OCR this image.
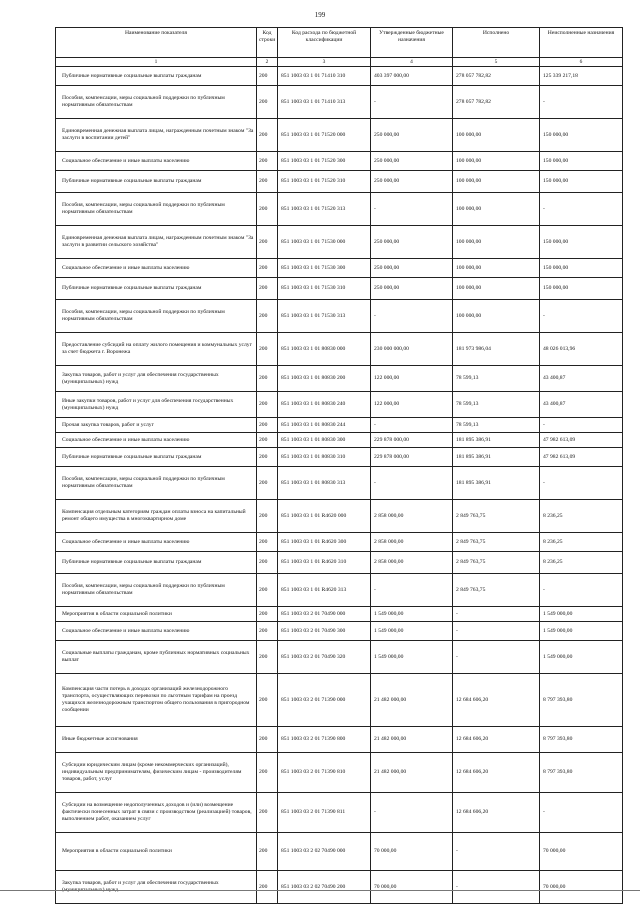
199
Наименование показателя	Код строки	Код расхода по бюджетной классификации	Утвержденные бюджетные назначения	Исполнено	Неисполненные назначения
1	2	3	4	5	6
Публичные нормативные социальные выплаты гражданам	200	851 1003 03 1 01 71410 310	403 397 000,00	278 057 782,82	125 339 217,18
Пособия, компенсации, меры социальной поддержки по публичным нормативным обязательствам	200	851 1003 03 1 01 71410 313	-	278 057 782,82	-
Единовременная денежная выплата лицам, награжденным почетным знаком "За заслуги в воспитании детей"	200	851 1003 03 1 01 71520 000	250 000,00	100 000,00	150 000,00
Социальное обеспечение и иные выплаты населению	200	851 1003 03 1 01 71520 300	250 000,00	100 000,00	150 000,00
Публичные нормативные социальные выплаты гражданам	200	851 1003 03 1 01 71520 310	250 000,00	100 000,00	150 000,00
Пособия, компенсации, меры социальной поддержки по публичным нормативным обязательствам	200	851 1003 03 1 01 71520 313	-	100 000,00	-
Единовременная денежная выплата лицам, награжденным почетным знаком "За заслуги в развитии сельского хозяйства"	200	851 1003 03 1 01 71530 000	250 000,00	100 000,00	150 000,00
Социальное обеспечение и иные выплаты населению	200	851 1003 03 1 01 71530 300	250 000,00	100 000,00	150 000,00
Публичные нормативные социальные выплаты гражданам	200	851 1003 03 1 01 71530 310	250 000,00	100 000,00	150 000,00
Пособия, компенсации, меры социальной поддержки по публичным нормативным обязательствам	200	851 1003 03 1 01 71530 313	-	100 000,00	-
Предоставление субсидий на оплату жилого помещения и коммунальных услуг за счет бюджета г. Воронежа	200	851 1003 03 1 01 80830 000	230 000 000,00	181 973 986,04	48 026 013,96
Закупка товаров, работ и услуг для обеспечения государственных (муниципальных) нужд	200	851 1003 03 1 01 80830 200	122 000,00	78 599,13	43 400,87
Иные закупки товаров, работ и услуг для обеспечения государственных (муниципальных) нужд	200	851 1003 03 1 01 80830 240	122 000,00	78 599,13	43 400,87
Прочая закупка товаров, работ и услуг	200	851 1003 03 1 01 80830 244	-	78 599,13	-
Социальное обеспечение и иные выплаты населению	200	851 1003 03 1 01 80830 300	229 878 000,00	181 895 386,91	47 982 613,09
Публичные нормативные социальные выплаты гражданам	200	851 1003 03 1 01 80830 310	229 878 000,00	181 895 386,91	47 982 613,09
Пособия, компенсации, меры социальной поддержки по публичным нормативным обязательствам	200	851 1003 03 1 01 80830 313	-	181 895 386,91	-
Компенсация отдельным категориям граждан оплаты взноса на капитальный ремонт общего имущества в многоквартирном доме	200	851 1003 03 1 01 R4620 000	2 858 000,00	2 849 763,75	8 236,25
Социальное обеспечение и иные выплаты населению	200	851 1003 03 1 01 R4620 300	2 858 000,00	2 849 763,75	8 236,25
Публичные нормативные социальные выплаты гражданам	200	851 1003 03 1 01 R4620 310	2 858 000,00	2 849 763,75	8 236,25
Пособия, компенсации, меры социальной поддержки по публичным нормативным обязательствам	200	851 1003 03 1 01 R4620 313	-	2 849 763,75	-
Мероприятия в области социальной политики	200	851 1003 03 2 01 70490 000	1 549 000,00	-	1 549 000,00
Социальное обеспечение и иные выплаты населению	200	851 1003 03 2 01 70490 300	1 549 000,00	-	1 549 000,00
Социальные выплаты гражданам, кроме публичных нормативных социальных выплат	200	851 1003 03 2 01 70490 320	1 549 000,00	-	1 549 000,00
Компенсация части потерь в доходах организаций железнодорожного транспорта, осуществляющих перевозки по льготным тарифам на проезд учащихся железнодорожным транспортом общего пользования в пригородном сообщении	200	851 1003 03 2 01 71390 000	21 482 000,00	12 684 606,20	8 797 393,80
Иные бюджетные ассигнования	200	851 1003 03 2 01 71390 800	21 482 000,00	12 684 606,20	8 797 393,80
Субсидии юридическим лицам (кроме некоммерческих организаций), индивидуальным предпринимателям, физическим лицам - производителям товаров, работ, услуг	200	851 1003 03 2 01 71390 810	21 482 000,00	12 684 606,20	8 797 393,80
Субсидии на возмещение недополученных доходов и (или) возмещение фактически понесенных затрат в связи с производством (реализацией) товаров, выполнением работ, оказанием услуг	200	851 1003 03 2 01 71390 811	-	12 684 606,20	-
Мероприятия в области социальной политики	200	851 1003 03 2 02 70490 000	70 000,00	-	70 000,00
Закупка товаров, работ и услуг для обеспечения государственных (муниципальных) нужд	200	851 1003 03 2 02 70490 200	70 000,00	-	70 000,00
